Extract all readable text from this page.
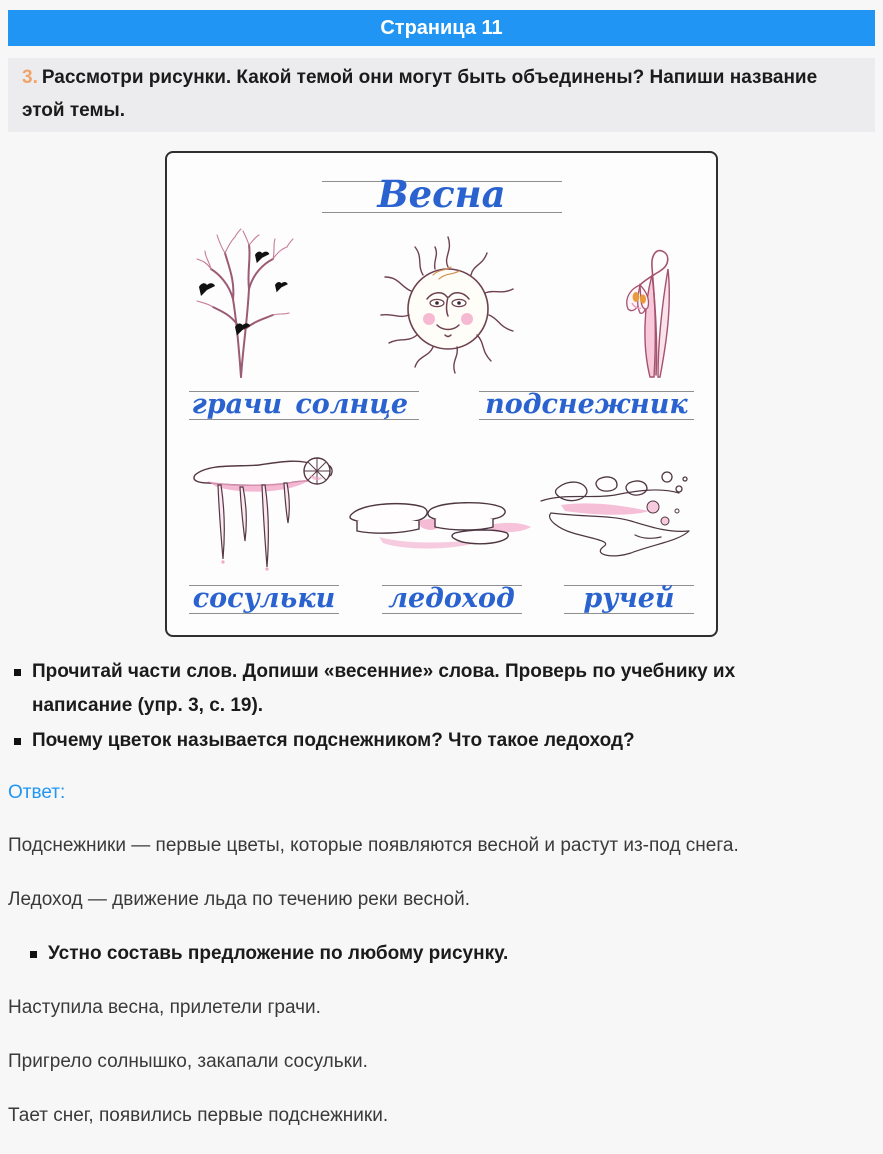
Страница 11
3. Рассмотри рисунки. Какой темой они могут быть объединены? Напиши название этой темы.
Весна
грачи солнце	подснежник
сосульки ледоход	ручей
Прочитай части слов. Допиши «весенние» слова. Проверь по учебнику их написание (упр. 3, с. 19).
Почему цветок называется подснежником? Что такое ледоход?
Ответ:

Подснежники — первые цветы, которые появляются весной и растут из-под снега.

Ледоход — движение льда по течению реки весной.

Устно составь предложение по любому рисунку.

Наступила весна, прилетели грачи.

Пригрело солнышко, закапали сосульки.

Тает снег, появились первые подснежники.
